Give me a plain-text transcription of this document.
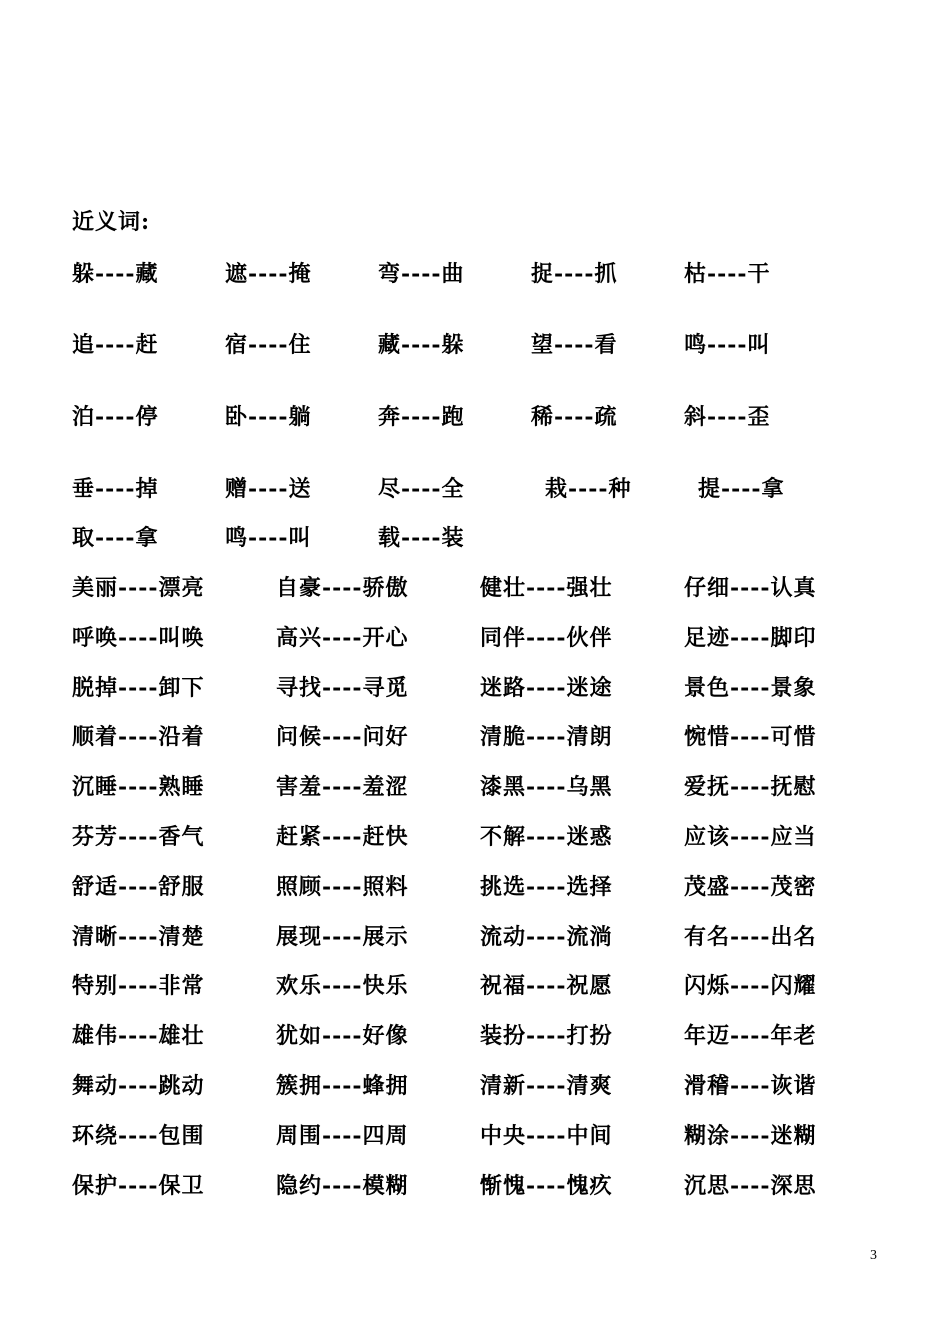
近义词:
躲----藏	遮----掩	弯----曲	捉----抓	枯----干
追----赶	宿----住	藏----躲	望----看	鸣----叫
泊----停	卧----躺	奔----跑	稀----疏	斜----歪
垂----掉	赠----送	尽----全	栽----种	提----拿
取----拿	鸣----叫	载----装
美丽----漂亮	自豪----骄傲	健壮----强壮	仔细----认真
呼唤----叫唤	高兴----开心	同伴----伙伴	足迹----脚印
脱掉----卸下	寻找----寻觅	迷路----迷途	景色----景象
顺着----沿着	问候----问好	清脆----清朗	惋惜----可惜
沉睡----熟睡	害羞----羞涩	漆黑----乌黑	爱抚----抚慰
芬芳----香气	赶紧----赶快	不解----迷惑	应该----应当
舒适----舒服	照顾----照料	挑选----选择	茂盛----茂密
清晰----清楚	展现----展示	流动----流淌	有名----出名
特别----非常	欢乐----快乐	祝福----祝愿	闪烁----闪耀
雄伟----雄壮	犹如----好像	装扮----打扮	年迈----年老
舞动----跳动	簇拥----蜂拥	清新----清爽	滑稽----诙谐
环绕----包围	周围----四周	中央----中间	糊涂----迷糊
保护----保卫	隐约----模糊	惭愧----愧疚	沉思----深思
3
